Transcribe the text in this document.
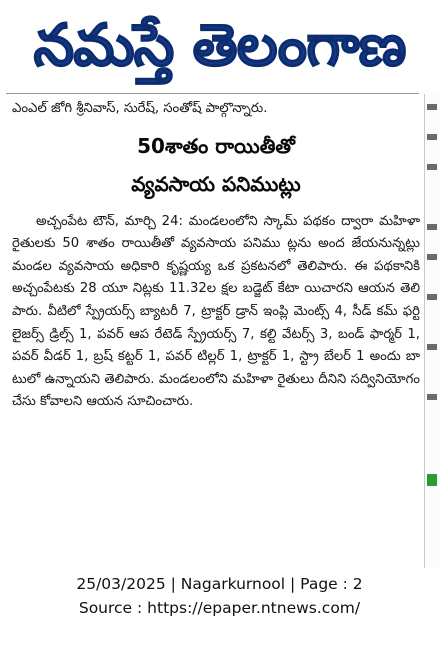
నమస్తే తెలంగాణ
ఎంఎల్ జోగి శ్రీనివాస్, సురేష్, సంతోష్ పాల్గొన్నారు.
50శాతం రాయితీతో
వ్యవసాయ పనిముట్లు
అచ్చంపేట టౌన్, మార్చి 24: మండలంలోని స్కామ్ పథకం ద్వారా మహిళా రైతులకు 50 శాతం రాయితీతో వ్యవసాయ పనిము ట్లను అంద జేయనున్నట్లు మండల వ్యవసాయ అధికారి కృష్ణయ్య ఒక ప్రకటనలో తెలిపారు. ఈ పథకానికి అచ్చంపేటకు 28 యూ నిట్లకు 11.32ల క్షల బడ్జెట్ కేటా యిచారని ఆయన తెలి పారు. వీటిలో స్ప్రేయర్స్ బ్యాటరీ 7, ట్రాక్టర్ డ్రాన్ ఇంప్లి మెంట్స్ 4, సీడ్ కమ్ ఫర్టి లైజర్స్ డ్రిల్స్ 1, పవర్ ఆప రేటెడ్ స్ప్రేయర్స్ 7, కల్టి వేటర్స్ 3, బండ్ ఫార్మర్ 1, పవర్ వీడర్ 1, బ్రష్ కట్టర్ 1, పవర్ టిల్లర్ 1, ట్రాక్టర్ 1, స్ట్రా బేలర్ 1 అందు బా టులో ఉన్నాయని తెలిపారు. మండలంలోని మహిళా రైతులు దీనిని సద్వినియోగం చేసు కోవాలని ఆయన సూచించారు.
25/03/2025 | Nagarkurnool | Page : 2
Source : https://epaper.ntnews.com/
